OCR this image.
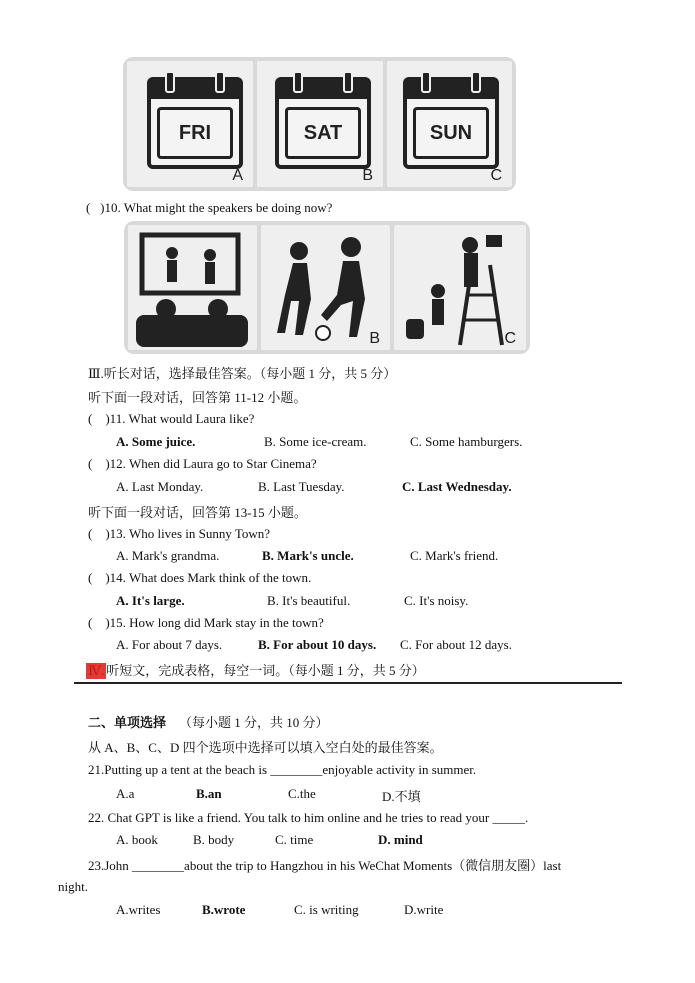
FRI
A
SAT
B
SUN
C
( )10. What might the speakers be doing now?
A	B	C
Ⅲ.听长对话，选择最佳答案。（每小题 1 分，共 5 分）
听下面一段对话，回答第 11-12 小题。
( )11. What would Laura like?
A. Some juice.	B. Some ice-cream.	C. Some hamburgers.
( )12. When did Laura go to Star Cinema?
A. Last Monday.	B. Last Tuesday.	C. Last Wednesday.
听下面一段对话，回答第 13-15 小题。
( )13. Who lives in Sunny Town?
A. Mark's grandma.	B. Mark's uncle.	C. Mark's friend.
( )14. What does Mark think of the town.
A. It's large.	B. It's beautiful.	C. It's noisy.
( )15. How long did Mark stay in the town?
A. For about 7 days.	B. For about 10 days. C. For about 12 days.
Ⅳ. 听短文，完成表格，每空一词。（每小题 1 分，共 5 分）
二、单项选择 （每小题 1 分，共 10 分）
从 A、B、C、D 四个选项中选择可以填入空白处的最佳答案。
21.Putting up a tent at the beach is ________enjoyable activity in summer.
A.a	B.an	C.the	D.不填
22. Chat GPT is like a friend. You talk to him online and he tries to read your _____.
A. book	B. body	C. time	D. mind
23.John ________about the trip to Hangzhou in his WeChat Moments（微信朋友圈）last
night.
A.writes	B.wrote	C. is writing	D.write
